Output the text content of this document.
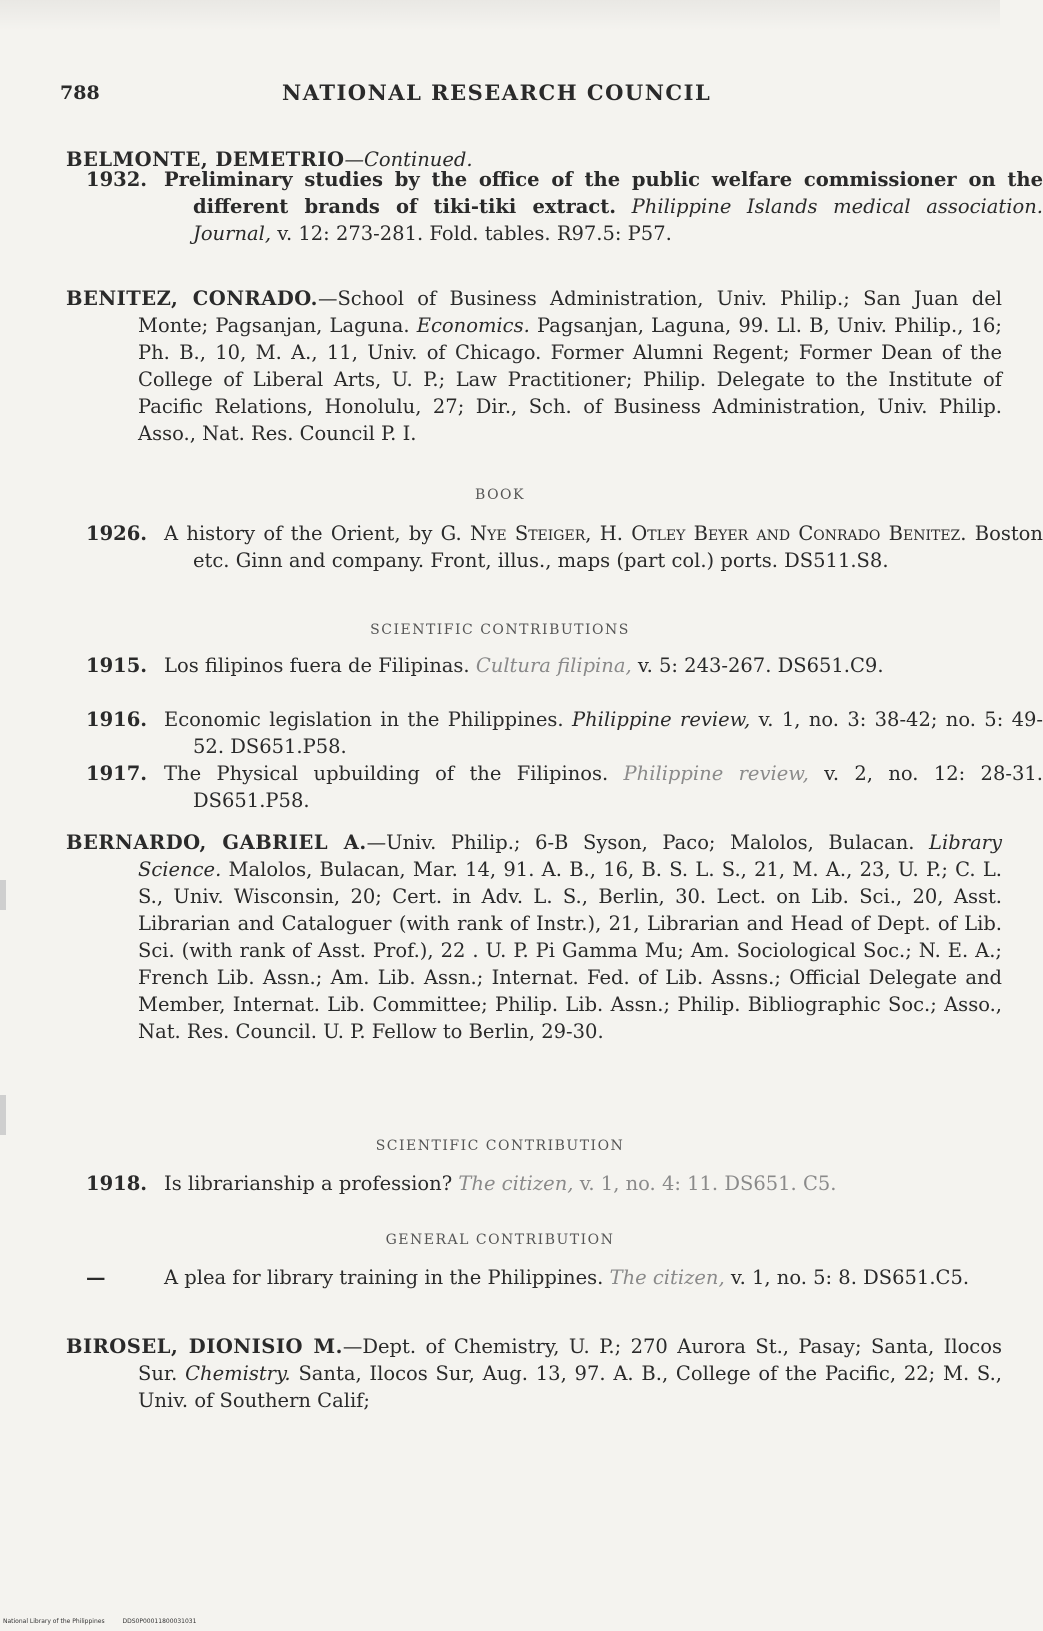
788	NATIONAL RESEARCH COUNCIL

BELMONTE, DEMETRIO—Continued.

1932. Preliminary studies by the office of the public welfare commissioner on the different brands of tiki-tiki extract. Philippine Islands medical association. Journal, v. 12: 273-281. Fold. tables. R97.5: P57.

BENITEZ, CONRADO.—School of Business Administration, Univ. Philip.; San Juan del Monte; Pagsanjan, Laguna. Economics. Pagsanjan, Laguna, 99. Ll. B, Univ. Philip., 16; Ph. B., 10, M. A., 11, Univ. of Chicago. Former Alumni Regent; Former Dean of the College of Liberal Arts, U. P.; Law Practitioner; Philip. Delegate to the Institute of Pacific Relations, Honolulu, 27; Dir., Sch. of Business Administration, Univ. Philip. Asso., Nat. Res. Council P. I.

BOOK

1926. A history of the Orient, by G. Nye Steiger, H. Otley Beyer and Conrado Benitez. Boston etc. Ginn and company. Front, illus., maps (part col.) ports. DS511.S8.

SCIENTIFIC CONTRIBUTIONS

1915. Los filipinos fuera de Filipinas. Cultura filipina, v. 5: 243-267. DS651.C9.

1916. Economic legislation in the Philippines. Philippine review, v. 1, no. 3: 38-42; no. 5: 49-52. DS651.P58.

1917. The Physical upbuilding of the Filipinos. Philippine review, v. 2, no. 12: 28-31. DS651.P58.

BERNARDO, GABRIEL A.—Univ. Philip.; 6-B Syson, Paco; Malolos, Bulacan. Library Science. Malolos, Bulacan, Mar. 14, 91. A. B., 16, B. S. L. S., 21, M. A., 23, U. P.; C. L. S., Univ. Wisconsin, 20; Cert. in Adv. L. S., Berlin, 30. Lect. on Lib. Sci., 20, Asst. Librarian and Cataloguer (with rank of Instr.), 21, Librarian and Head of Dept. of Lib. Sci. (with rank of Asst. Prof.), 22 . U. P. Pi Gamma Mu; Am. Sociological Soc.; N. E. A.; French Lib. Assn.; Am. Lib. Assn.; Internat. Fed. of Lib. Assns.; Official Delegate and Member, Internat. Lib. Committee; Philip. Lib. Assn.; Philip. Bibliographic Soc.; Asso., Nat. Res. Council. U. P. Fellow to Berlin, 29-30.

SCIENTIFIC CONTRIBUTION

1918. Is librarianship a profession? The citizen, v. 1, no. 4: 11. DS651. C5.

GENERAL CONTRIBUTION

—	A plea for library training in the Philippines. The citizen, v. 1, no. 5: 8. DS651.C5.

BIROSEL, DIONISIO M.—Dept. of Chemistry, U. P.; 270 Aurora St., Pasay; Santa, Ilocos Sur. Chemistry. Santa, Ilocos Sur, Aug. 13, 97. A. B., College of the Pacific, 22; M. S., Univ. of Southern Calif;

National Library of the Philippines	DDS0P00011800031031
